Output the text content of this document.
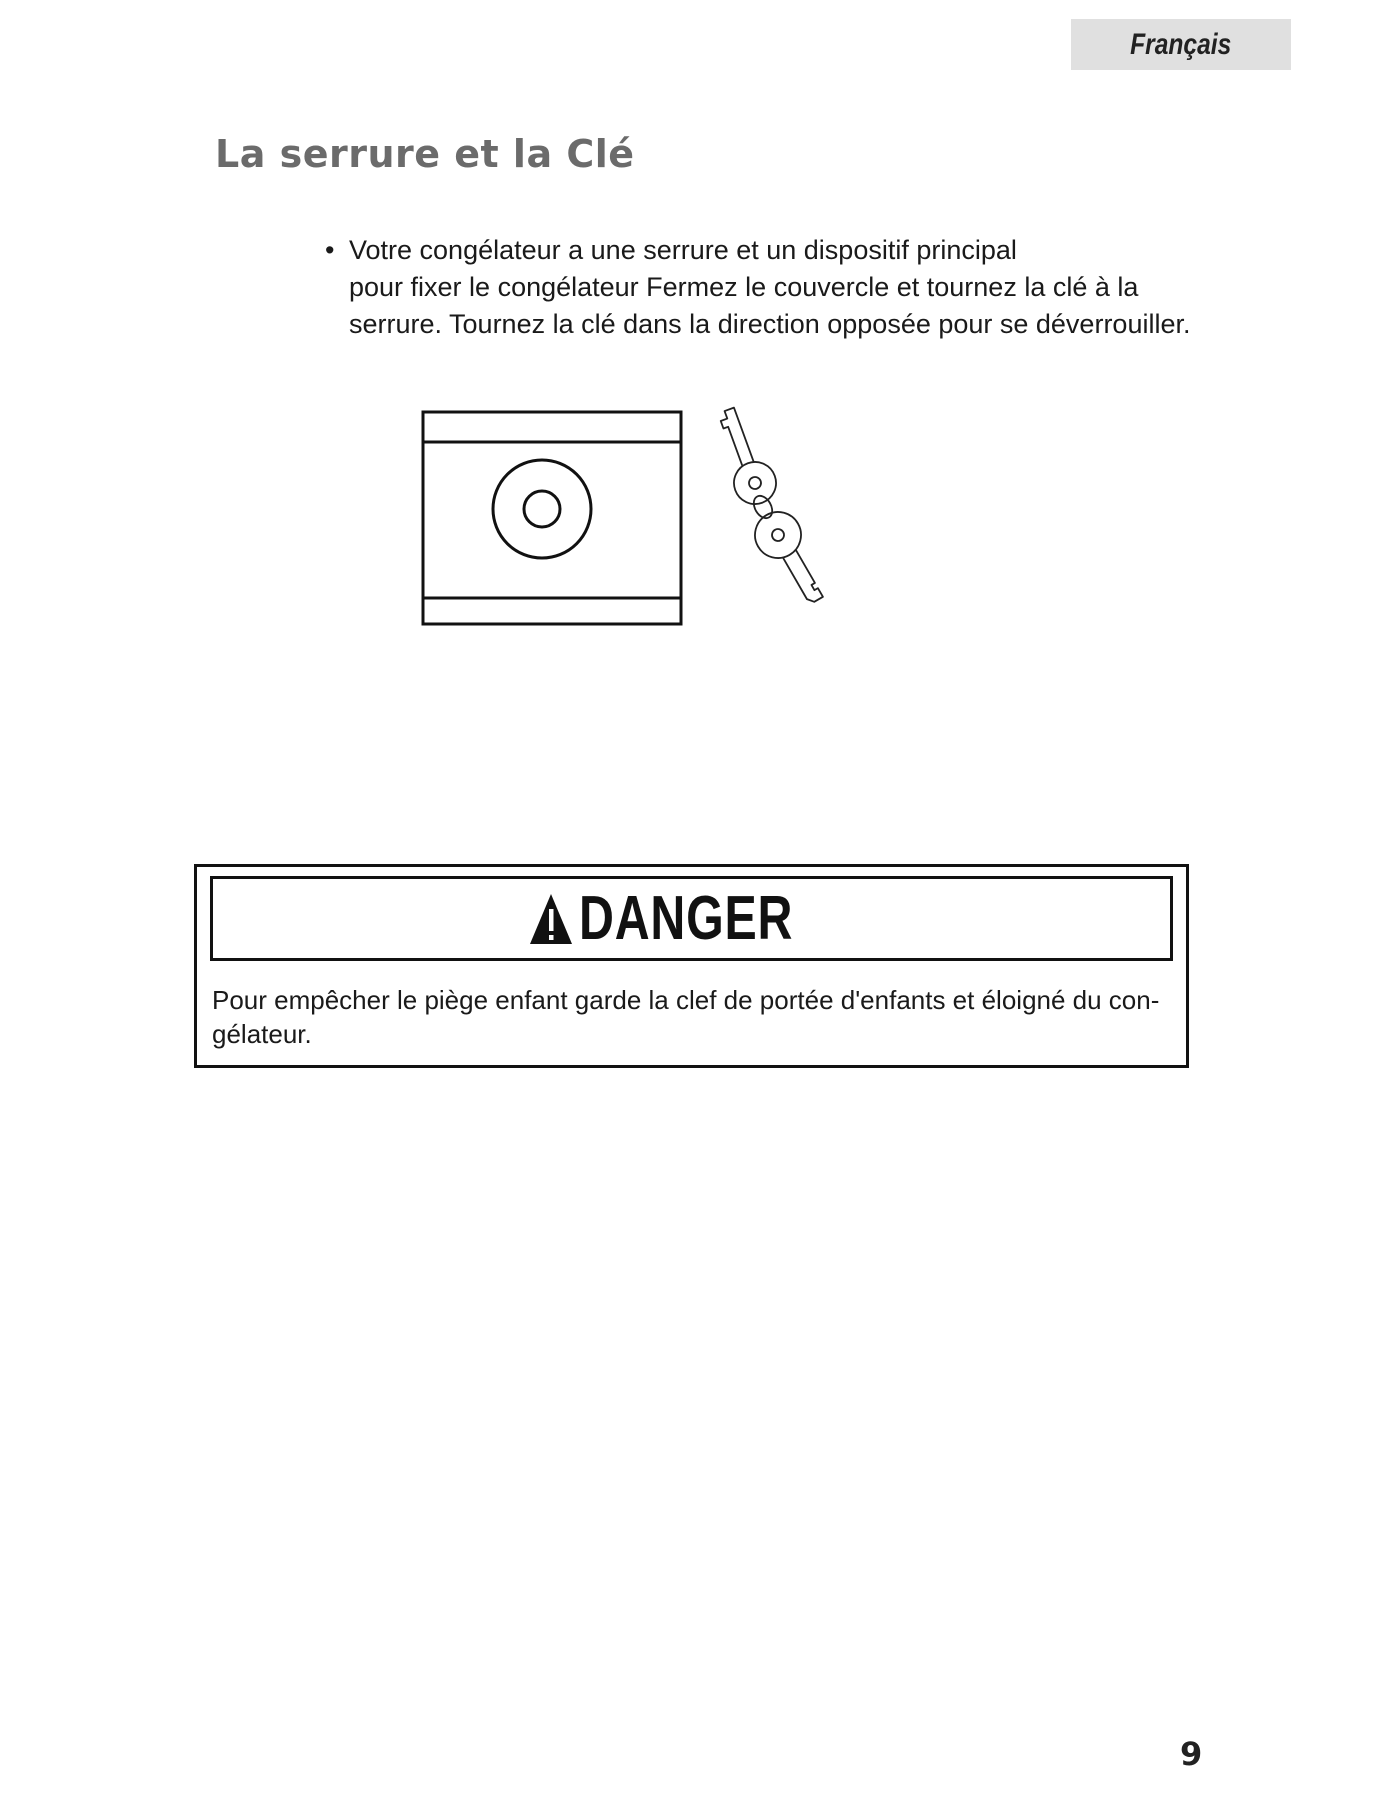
Français
La serrure et la Clé
• Votre congélateur a une serrure et un dispositif principal
pour fixer le congélateur Fermez le couvercle et tournez la clé à la
serrure. Tournez la clé dans la direction opposée pour se déverrouiller.
DANGER
Pour empêcher le piège enfant garde la clef de portée d'enfants et éloigné du con-
gélateur.
9
